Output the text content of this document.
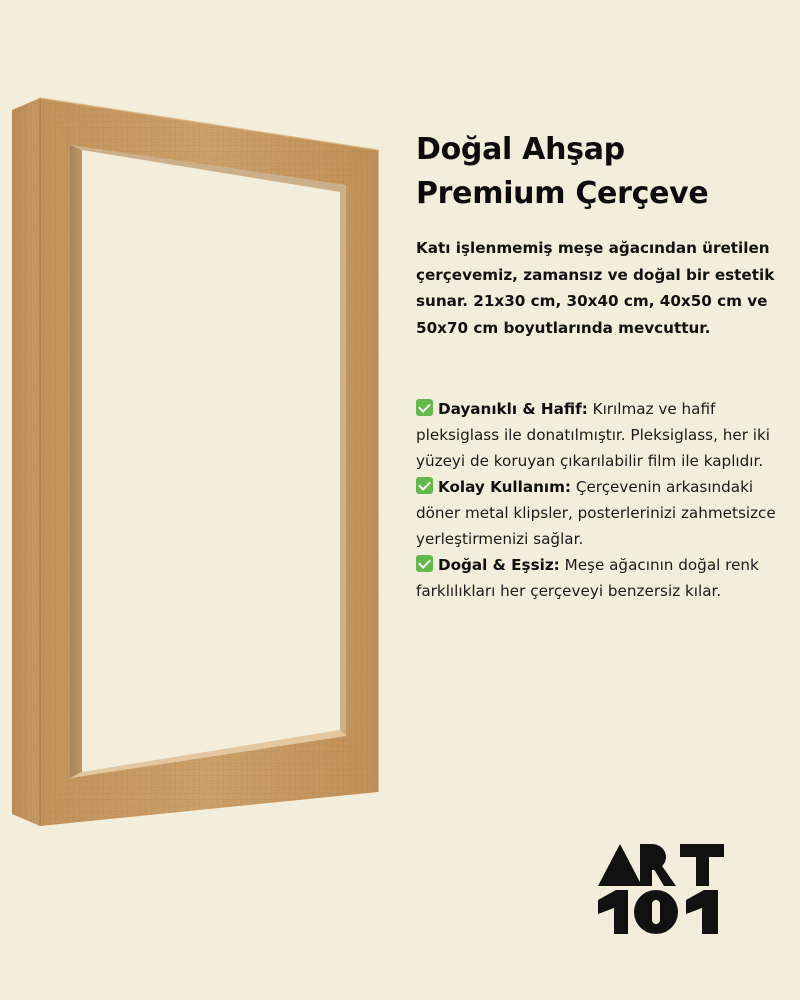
Doğal Ahşap
Premium Çerçeve

Katı işlenmemiş meşe ağacından üretilen çerçevemiz, zamansız ve doğal bir estetik sunar. 21x30 cm, 30x40 cm, 40x50 cm ve 50x70 cm boyutlarında mevcuttur.

Dayanıklı & Hafif: Kırılmaz ve hafif pleksiglass ile donatılmıştır. Pleksiglass, her iki yüzeyi de koruyan çıkarılabilir film ile kaplıdır.
Kolay Kullanım: Çerçevenin arkasındaki döner metal klipsler, posterlerinizi zahmetsizce yerleştirmenizi sağlar.
Doğal & Eşsiz: Meşe ağacının doğal renk farklılıkları her çerçeveyi benzersiz kılar.
